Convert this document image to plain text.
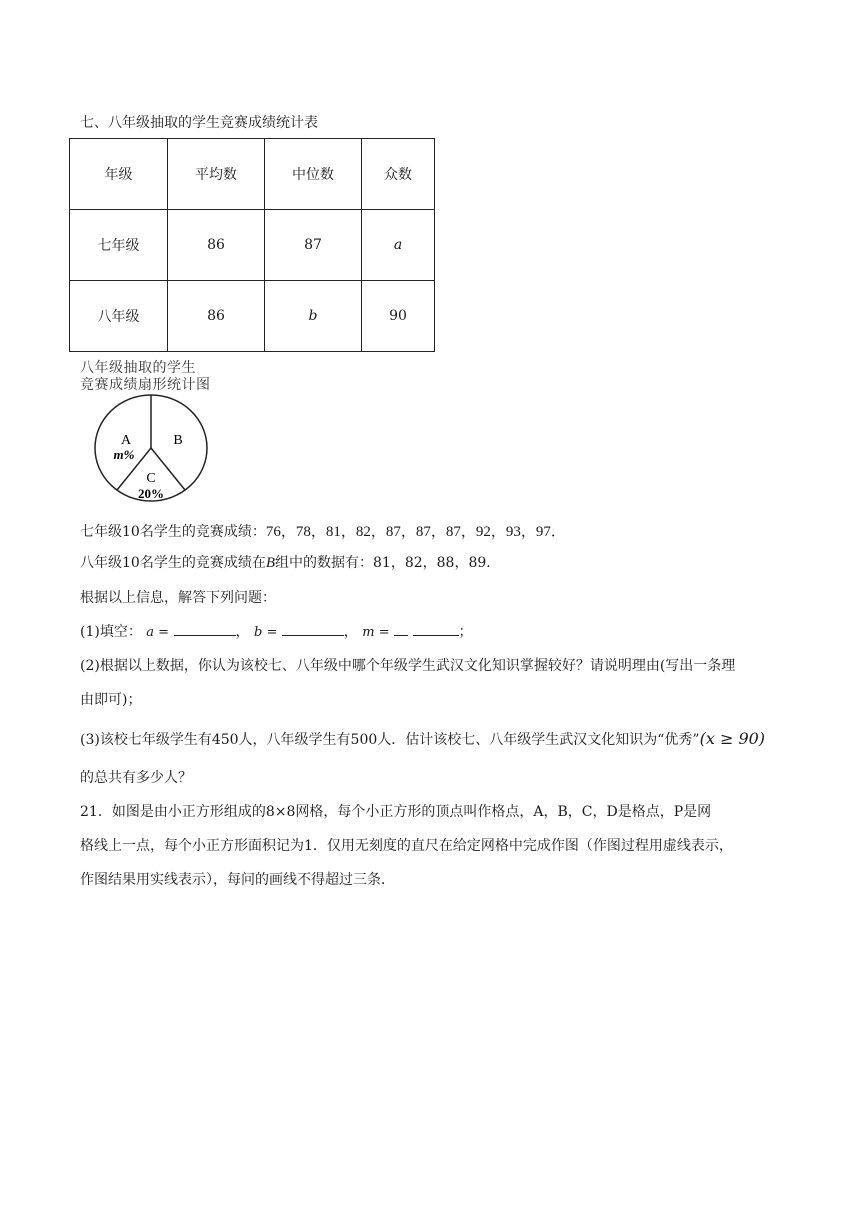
七、八年级抽取的学生竞赛成绩统计表
年级	平均数	中位数	众数
七年级	86	87	a
八年级	86	b	90
八年级抽取的学生
竞赛成绩扇形统计图
A
m%
B
C
20%
七年级10名学生的竞赛成绩：76，78，81，82，87，87，87，92，93，97．
八年级10名学生的竞赛成绩在B组中的数据有：81，82，88，89．
根据以上信息，解答下列问题：
(1)填空： a =	， b =	， m =	；
(2)根据以上数据，你认为该校七、八年级中哪个年级学生武汉文化知识掌握较好？请说明理由(写出一条理
由即可)；
(3)该校七年级学生有450人，八年级学生有500人．估计该校七、八年级学生武汉文化知识为“优秀”(x ≥ 90)
的总共有多少人？
21．如图是由小正方形组成的8×8网格，每个小正方形的顶点叫作格点，A，B，C，D是格点，P是网
格线上一点，每个小正方形面积记为1．仅用无刻度的直尺在给定网格中完成作图（作图过程用虚线表示，
作图结果用实线表示），每问的画线不得超过三条．
